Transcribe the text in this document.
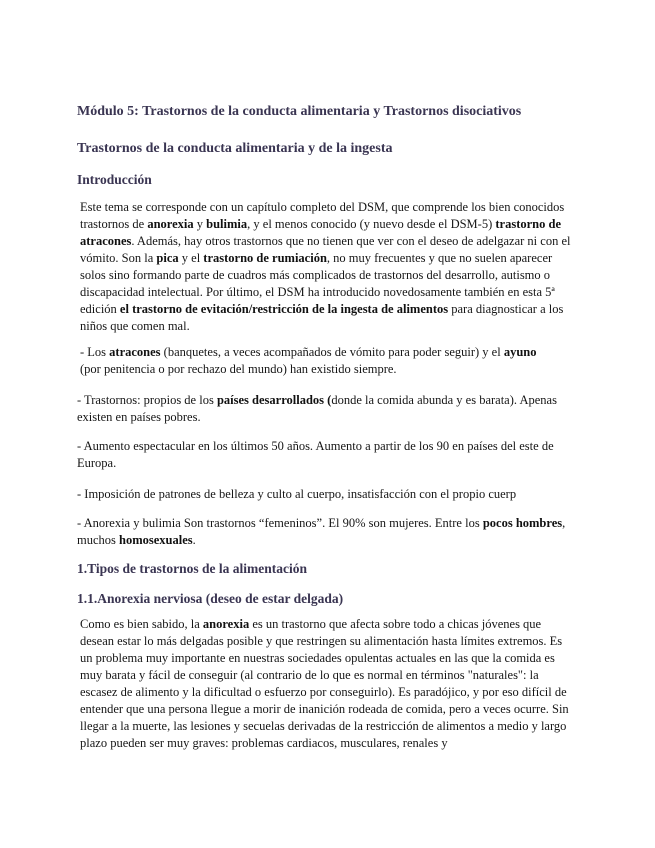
Módulo 5: Trastornos de la conducta alimentaria y Trastornos disociativos
Trastornos de la conducta alimentaria y de la ingesta
Introducción

Este tema se corresponde con un capítulo completo del DSM, que comprende los bien conocidos trastornos de anorexia y bulimia, y el menos conocido (y nuevo desde el DSM-5) trastorno de atracones. Además, hay otros trastornos que no tienen que ver con el deseo de adelgazar ni con el vómito. Son la pica y el trastorno de rumiación, no muy frecuentes y que no suelen aparecer solos sino formando parte de cuadros más complicados de trastornos del desarrollo, autismo o discapacidad intelectual. Por último, el DSM ha introducido novedosamente también en esta 5ª edición el trastorno de evitación/restricción de la ingesta de alimentos para diagnosticar a los niños que comen mal.

- Los atracones (banquetes, a veces acompañados de vómito para poder seguir) y el ayuno (por penitencia o por rechazo del mundo) han existido siempre.

- Trastornos: propios de los países desarrollados (donde la comida abunda y es barata). Apenas existen en países pobres.

- Aumento espectacular en los últimos 50 años. Aumento a partir de los 90 en países del este de Europa.

- Imposición de patrones de belleza y culto al cuerpo, insatisfacción con el propio cuerp

- Anorexia y bulimia Son trastornos “femeninos”. El 90% son mujeres. Entre los pocos hombres, muchos homosexuales.

1.Tipos de trastornos de la alimentación
1.1.Anorexia nerviosa (deseo de estar delgada)

Como es bien sabido, la anorexia es un trastorno que afecta sobre todo a chicas jóvenes que desean estar lo más delgadas posible y que restringen su alimentación hasta límites extremos. Es un problema muy importante en nuestras sociedades opulentas actuales en las que la comida es muy barata y fácil de conseguir (al contrario de lo que es normal en términos "naturales": la escasez de alimento y la dificultad o esfuerzo por conseguirlo). Es paradójico, y por eso difícil de entender que una persona llegue a morir de inanición rodeada de comida, pero a veces ocurre. Sin llegar a la muerte, las lesiones y secuelas derivadas de la restricción de alimentos a medio y largo plazo pueden ser muy graves: problemas cardiacos, musculares, renales y
